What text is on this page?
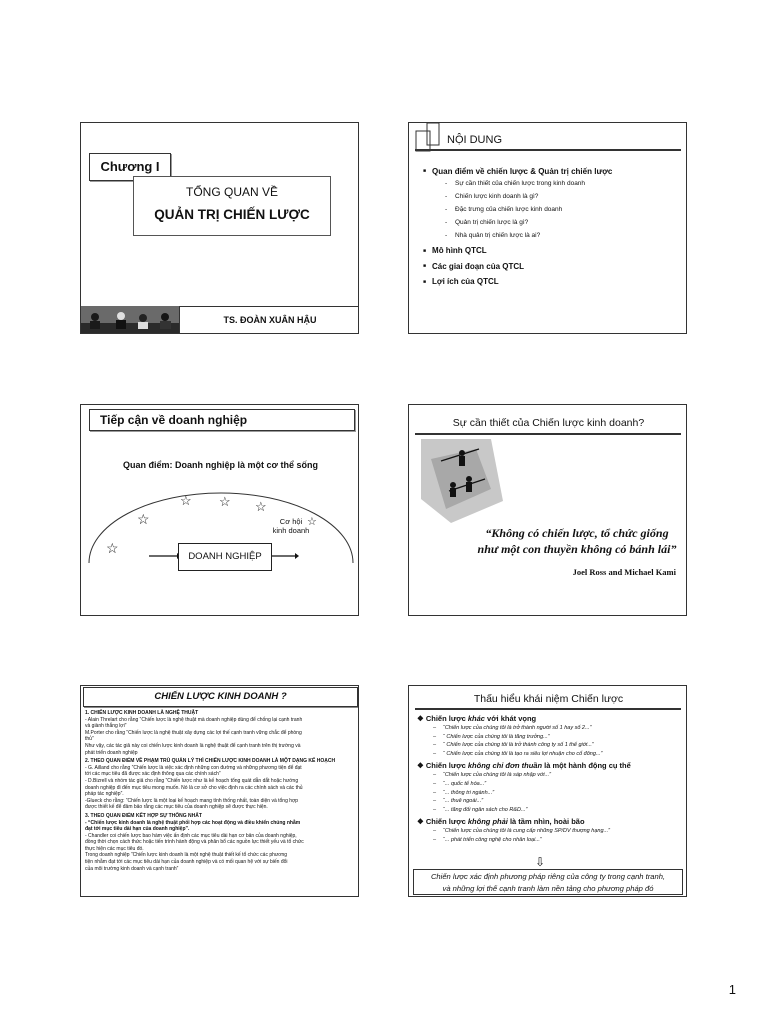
Chương I
TỔNG QUAN VỀ
QUẢN TRỊ CHIẾN LƯỢC
TS. ĐOÀN XUÂN HẬU
NỘI DUNG
■ Quan điểm về chiến lược & Quản trị chiến lược
- Sự cần thiết của chiến lược trong kinh doanh
- Chiến lược kinh doanh là gì?
- Đặc trưng của chiến lược kinh doanh
- Quản trị chiến lược là gì?
- Nhà quản trị chiến lược là ai?
■ Mô hình QTCL
■ Các giai đoạn của QTCL
■ Lợi ích của QTCL
Tiếp cận về doanh nghiệp
Quan điểm: Doanh nghiệp là một cơ thể sống
☆
☆
☆ ☆ ☆
☆
Cơ hội
kinh doanh
DOANH NGHIỆP
Sự cần thiết của Chiến lược kinh doanh?
“Không có chiến lược, tổ chức giống
như một con thuyền không có bánh lái”
Joel Ross and Michael Kami
CHIẾN LƯỢC KINH DOANH ?
1. CHIẾN LƯỢC KINH DOANH LÀ NGHỆ THUẬT
- Alain Threlart cho rằng “Chiến lược là nghệ thuật mà doanh nghiệp dùng để chống lại cạnh tranh
và giành thắng lợi”
M.Porter cho rằng “Chiến lược là nghệ thuật xây dựng các lợi thế cạnh tranh vững chắc để phòng
thủ”
Như vậy, các tác giả này coi chiến lược kinh doanh là nghệ thuật để cạnh tranh trên thị trường và
phát triển doanh nghiệp
2. THEO QUAN ĐIỂM VỀ PHẠM TRÙ QUẢN LÝ THÌ CHIẾN LƯỢC KINH DOANH LÀ MỘT DẠNG KẾ HOẠCH
- G. Ailland cho rằng “Chiến lược là việc xác định những con đường và những phương tiện để đạt
tới các mục tiêu đã được xác định thông qua các chính sách”
- D.Bizrell và nhóm tác giả cho rằng “Chiến lược như là kế hoạch tổng quát dẫn dắt hoặc hướng
doanh nghiệp đi đến mục tiêu mong muốn. Nó là cơ sở cho việc định ra các chính sách và các thủ
pháp tác nghiệp”.
-Glueck cho rằng: “Chiến lược là một loại kế hoạch mang tính thống nhất, toàn diện và tổng hợp
được thiết kế để đảm bảo rằng các mục tiêu của doanh nghiệp sẽ được thực hiện.
3. THEO QUAN ĐIỂM KẾT HỢP SỰ THỐNG NHẤT
- “Chiến lược kinh doanh là nghệ thuật phối hợp các hoạt động và điều khiển chúng nhằm
đạt tới mục tiêu dài hạn của doanh nghiệp”.
- Chandler coi chiến lược bao hàm việc ấn định các mục tiêu dài hạn cơ bản của doanh nghiệp,
đồng thời chọn cách thức hoặc tiến trình hành động và phân bổ các nguồn lực thiết yếu và tổ chức
thực hiện các mục tiêu đó.
Trong doanh nghiệp “Chiến lược kinh doanh là một nghệ thuật thiết kế tổ chức các phương
tiện nhằm đạt tới các mục tiêu dài hạn của doanh nghiệp và có mối quan hệ với sự biến đổi
của môi trường kinh doanh và cạnh tranh”
Thấu hiểu khái niệm Chiến lược
❖ Chiến lược khác với khát vọng
– “Chiến lược của chúng tôi là trở thành người số 1 hay số 2...”
– “ Chiến lược của chúng tôi là tăng trưởng...”
– “ Chiến lược của chúng tôi là trở thành công ty số 1 thế giới...”
– “ Chiến lược của chúng tôi là tạo ra siêu lợi nhuận cho cổ đông...”
❖ Chiến lược không chỉ đơn thuần là một hành động cụ thể
– “Chiến lược của chúng tôi là sáp nhập với...”
– “... quốc tế hóa...”
– “... thông tri ngành...”
– “... thuê ngoài...”
– “... tăng đối ngân sách cho R&D...”
❖ Chiến lược không phải là tầm nhìn, hoài bão
– “Chiến lược của chúng tôi là cung cấp những SP/DV thượng hạng...”
– “... phát triển công nghệ cho nhân loại...”
⇩
Chiến lược xác định phương pháp riêng của công ty trong cạnh tranh,
và những lợi thế cạnh tranh làm nền tảng cho phương pháp đó
1
